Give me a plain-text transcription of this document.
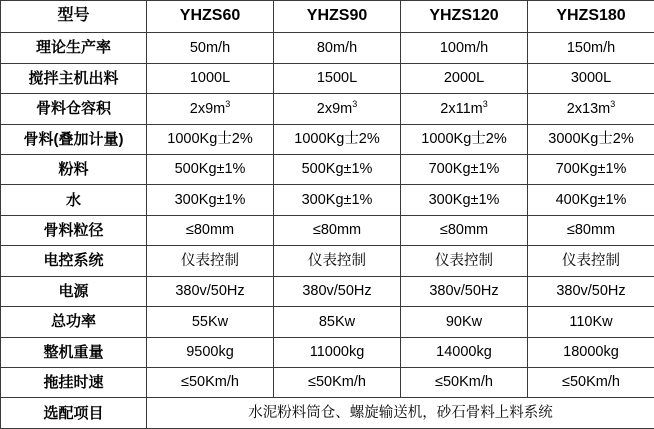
型号	YHZS60	YHZS90	YHZS120	YHZS180
理论生产率	50m/h	80m/h	100m/h	150m/h
搅拌主机出料	1000L	1500L	2000L	3000L
骨料仓容积	$2x9m^3$	$2x9m^3$	$2x11m^3$	$2x13m^3$
骨料(叠加计量)	1000Kg士2%	1000Kg士2%	1000Kg士2%	3000Kg士2%
粉料	500Kg±1%	500Kg±1%	700Kg±1%	700Kg±1%
水	300Kg±1%	300Kg±1%	300Kg±1%	400Kg±1%
骨料粒径	≤80mm	≤80mm	≤80mm	≤80mm
电控系统	仪表控制	仪表控制	仪表控制	仪表控制
电源	380v/50Hz	380v/50Hz	380v/50Hz	380v/50Hz
总功率	55Kw	85Kw	90Kw	110Kw
整机重量	9500kg	11000kg	14000kg	18000kg
拖挂时速	≤50Km/h	≤50Km/h	≤50Km/h	≤50Km/h
选配项目	水泥粉料筒仓、螺旋输送机，砂石骨料上料系统			
